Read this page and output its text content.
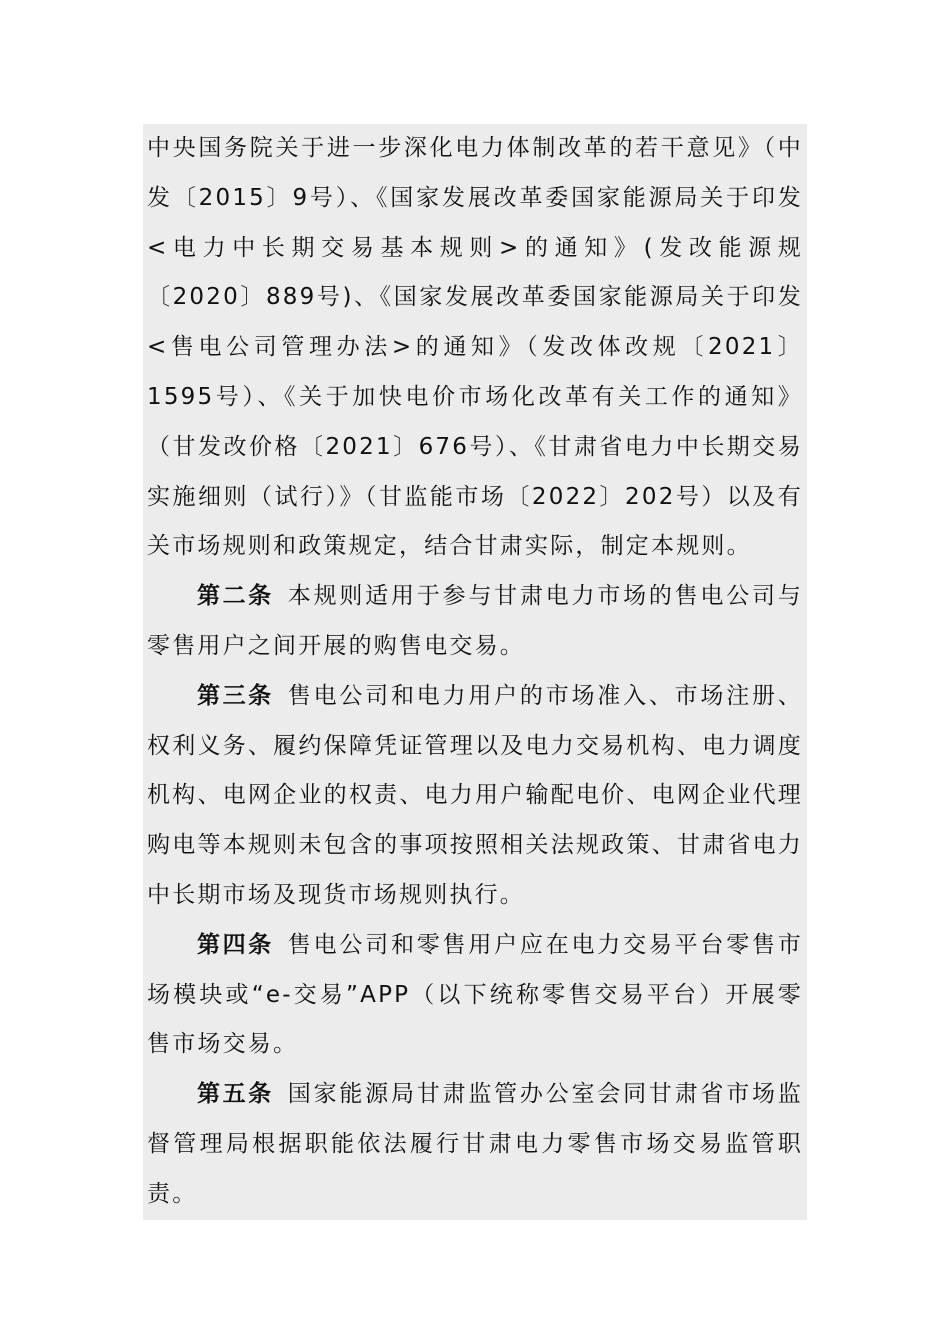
中央国务院关于进一步深化电力体制改革的若干意见》（中发〔2015〕9号）、《国家发展改革委国家能源局关于印发<电力中长期交易基本规则>的通知》(发改能源规〔2020〕889号)、《国家发展改革委国家能源局关于印发<售电公司管理办法>的通知》（发改体改规〔2021〕1595号）、《关于加快电价市场化改革有关工作的通知》（甘发改价格〔2021〕676号）、《甘肃省电力中长期交易实施细则（试行）》（甘监能市场〔2022〕202号）以及有关市场规则和政策规定，结合甘肃实际，制定本规则。

第二条 本规则适用于参与甘肃电力市场的售电公司与零售用户之间开展的购售电交易。

第三条 售电公司和电力用户的市场准入、市场注册、权利义务、履约保障凭证管理以及电力交易机构、电力调度机构、电网企业的权责、电力用户输配电价、电网企业代理购电等本规则未包含的事项按照相关法规政策、甘肃省电力中长期市场及现货市场规则执行。

第四条 售电公司和零售用户应在电力交易平台零售市场模块或“e-交易”APP（以下统称零售交易平台）开展零售市场交易。

第五条 国家能源局甘肃监管办公室会同甘肃省市场监督管理局根据职能依法履行甘肃电力零售市场交易监管职责。
